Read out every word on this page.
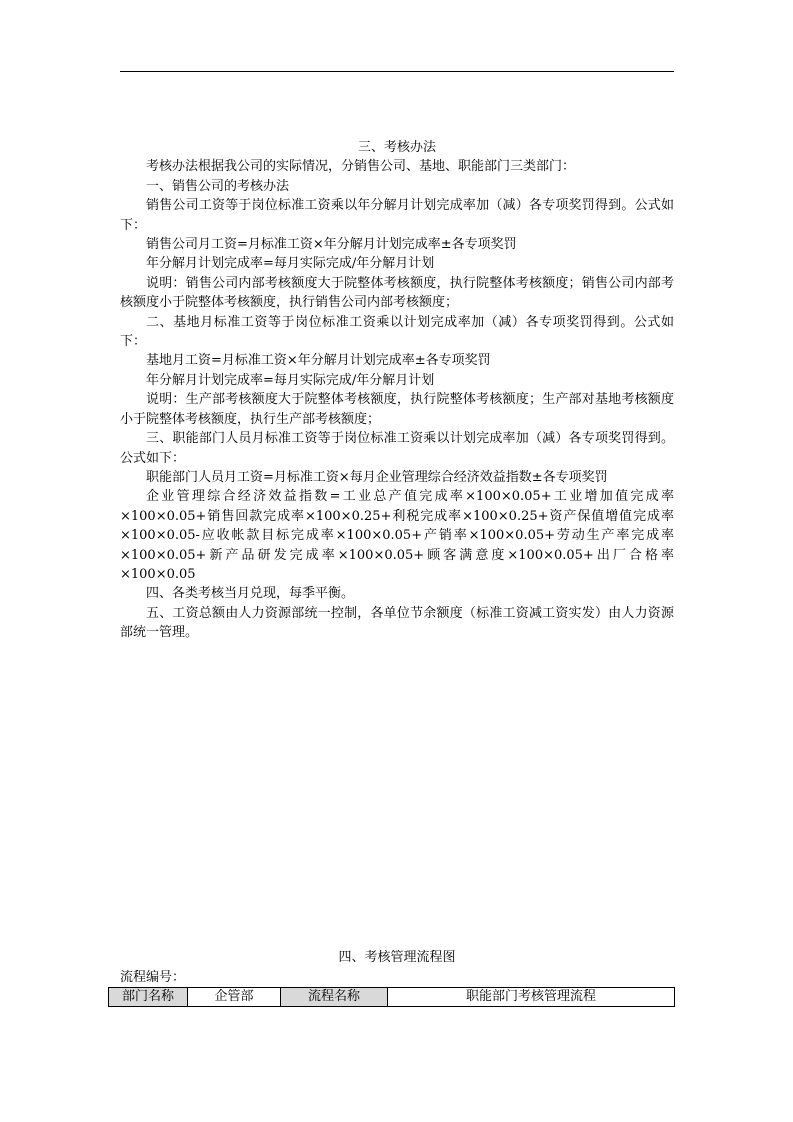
三、考核办法

考核办法根据我公司的实际情况，分销售公司、基地、职能部门三类部门：

一、销售公司的考核办法

销售公司工资等于岗位标准工资乘以年分解月计划完成率加（减）各专项奖罚得到。公式如下：

销售公司月工资=月标准工资×年分解月计划完成率±各专项奖罚

年分解月计划完成率=每月实际完成/年分解月计划

说明：销售公司内部考核额度大于院整体考核额度，执行院整体考核额度；销售公司内部考核额度小于院整体考核额度，执行销售公司内部考核额度；

二、基地月标准工资等于岗位标准工资乘以计划完成率加（减）各专项奖罚得到。公式如下：

基地月工资=月标准工资×年分解月计划完成率±各专项奖罚

年分解月计划完成率=每月实际完成/年分解月计划

说明：生产部考核额度大于院整体考核额度，执行院整体考核额度；生产部对基地考核额度小于院整体考核额度，执行生产部考核额度；

三、职能部门人员月标准工资等于岗位标准工资乘以计划完成率加（减）各专项奖罚得到。公式如下：

职能部门人员月工资=月标准工资×每月企业管理综合经济效益指数±各专项奖罚

企业管理综合经济效益指数=工业总产值完成率×100×0.05+工业增加值完成率×100×0.05+销售回款完成率×100×0.25+利税完成率×100×0.25+资产保值增值完成率×100×0.05-应收帐款目标完成率×100×0.05+产销率×100×0.05+劳动生产率完成率×100×0.05+新产品研发完成率×100×0.05+顾客满意度×100×0.05+出厂合格率×100×0.05

四、各类考核当月兑现，每季平衡。

五、工资总额由人力资源部统一控制，各单位节余额度（标准工资减工资实发）由人力资源部统一管理。

四、考核管理流程图
流程编号：
部门名称	企管部	流程名称	职能部门考核管理流程
